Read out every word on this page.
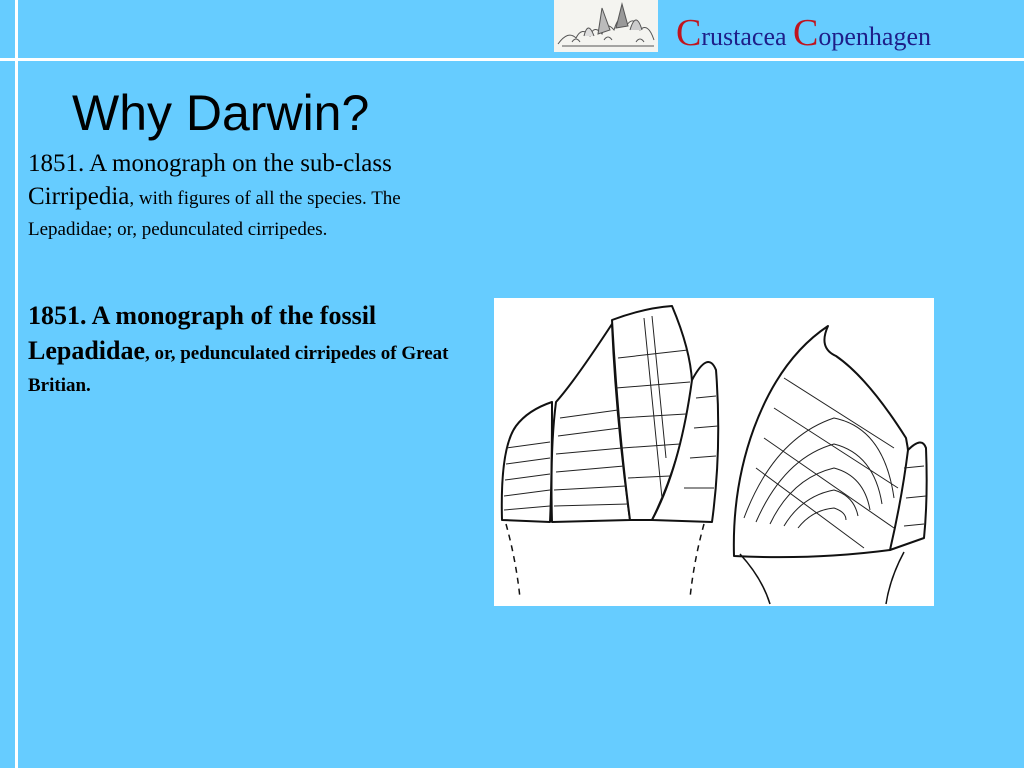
Crustacea Copenhagen
Why Darwin?
1851. A monograph on the sub-class Cirripedia, with figures of all the species. The Lepadidae; or, pedunculated cirripedes.
1851. A monograph of the fossil Lepadidae, or, pedunculated cirripedes of Great Britian.
